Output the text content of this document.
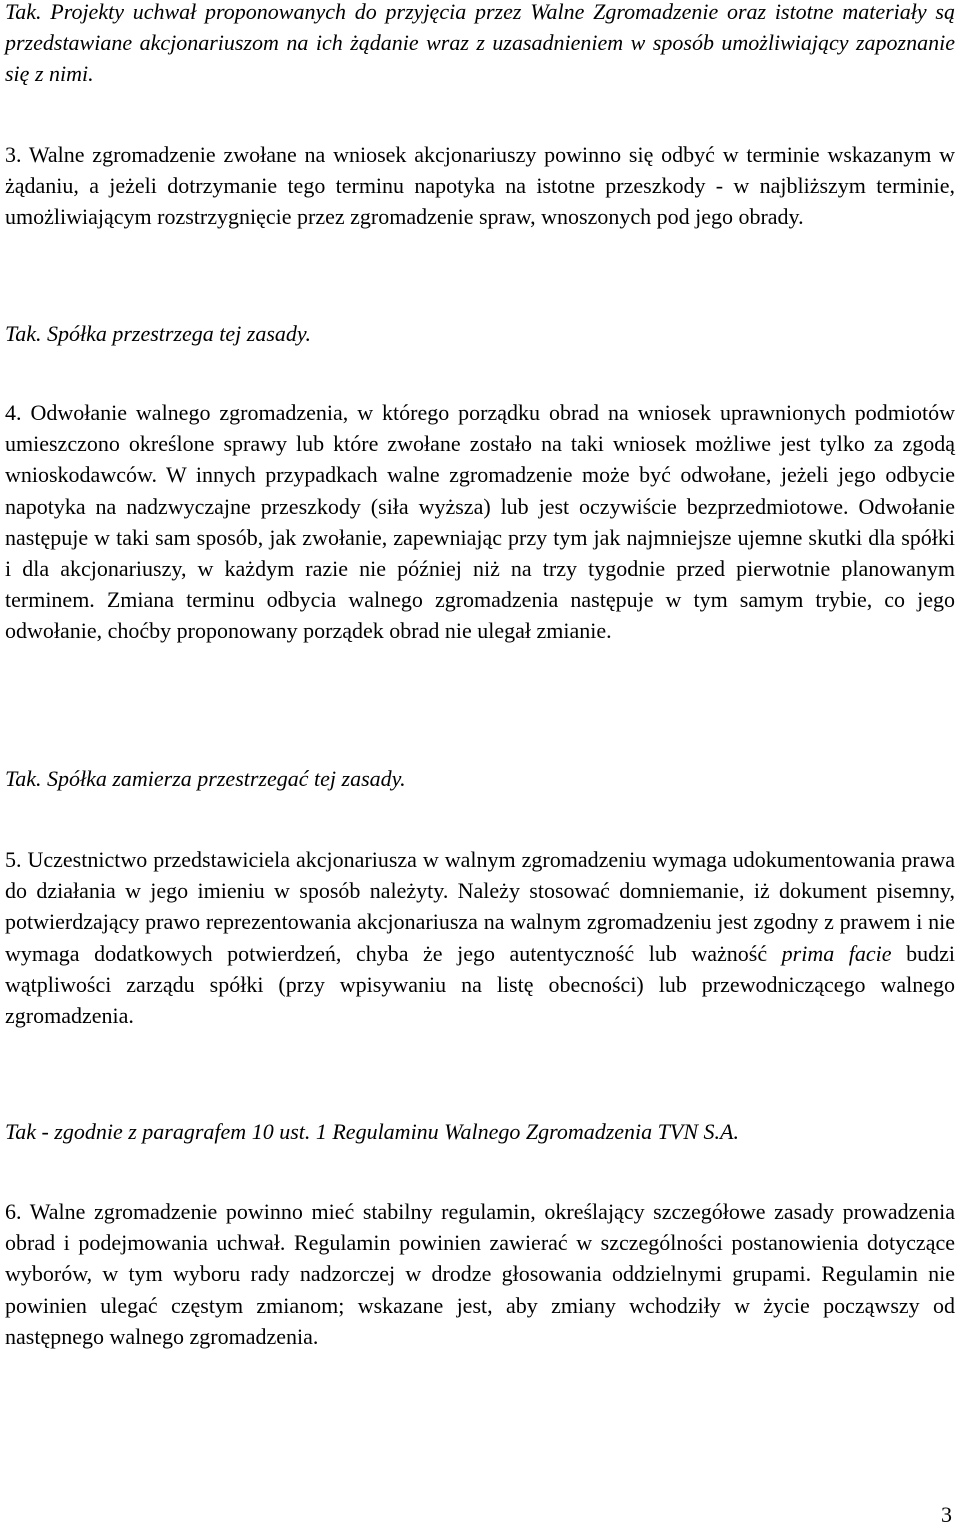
Tak. Projekty uchwał proponowanych do przyjęcia przez Walne Zgromadzenie oraz istotne materiały są przedstawiane akcjonariuszom na ich żądanie wraz z uzasadnieniem w sposób umożliwiający zapoznanie się z nimi.

3. Walne zgromadzenie zwołane na wniosek akcjonariuszy powinno się odbyć w terminie wskazanym w żądaniu, a jeżeli dotrzymanie tego terminu napotyka na istotne przeszkody - w najbliższym terminie, umożliwiającym rozstrzygnięcie przez zgromadzenie spraw, wnoszonych pod jego obrady.

Tak. Spółka przestrzega tej zasady.

4. Odwołanie walnego zgromadzenia, w którego porządku obrad na wniosek uprawnionych podmiotów umieszczono określone sprawy lub które zwołane zostało na taki wniosek możliwe jest tylko za zgodą wnioskodawców. W innych przypadkach walne zgromadzenie może być odwołane, jeżeli jego odbycie napotyka na nadzwyczajne przeszkody (siła wyższa) lub jest oczywiście bezprzedmiotowe. Odwołanie następuje w taki sam sposób, jak zwołanie, zapewniając przy tym jak najmniejsze ujemne skutki dla spółki i dla akcjonariuszy, w każdym razie nie później niż na trzy tygodnie przed pierwotnie planowanym terminem. Zmiana terminu odbycia walnego zgromadzenia następuje w tym samym trybie, co jego odwołanie, choćby proponowany porządek obrad nie ulegał zmianie.

Tak. Spółka zamierza przestrzegać tej zasady.

5. Uczestnictwo przedstawiciela akcjonariusza w walnym zgromadzeniu wymaga udokumentowania prawa do działania w jego imieniu w sposób należyty. Należy stosować domniemanie, iż dokument pisemny, potwierdzający prawo reprezentowania akcjonariusza na walnym zgromadzeniu jest zgodny z prawem i nie wymaga dodatkowych potwierdzeń, chyba że jego autentyczność lub ważność prima facie budzi wątpliwości zarządu spółki (przy wpisywaniu na listę obecności) lub przewodniczącego walnego zgromadzenia.

Tak - zgodnie z paragrafem 10 ust. 1 Regulaminu Walnego Zgromadzenia TVN S.A.

6. Walne zgromadzenie powinno mieć stabilny regulamin, określający szczegółowe zasady prowadzenia obrad i podejmowania uchwał. Regulamin powinien zawierać w szczególności postanowienia dotyczące wyborów, w tym wyboru rady nadzorczej w drodze głosowania oddzielnymi grupami. Regulamin nie powinien ulegać częstym zmianom; wskazane jest, aby zmiany wchodziły w życie począwszy od następnego walnego zgromadzenia.

3
